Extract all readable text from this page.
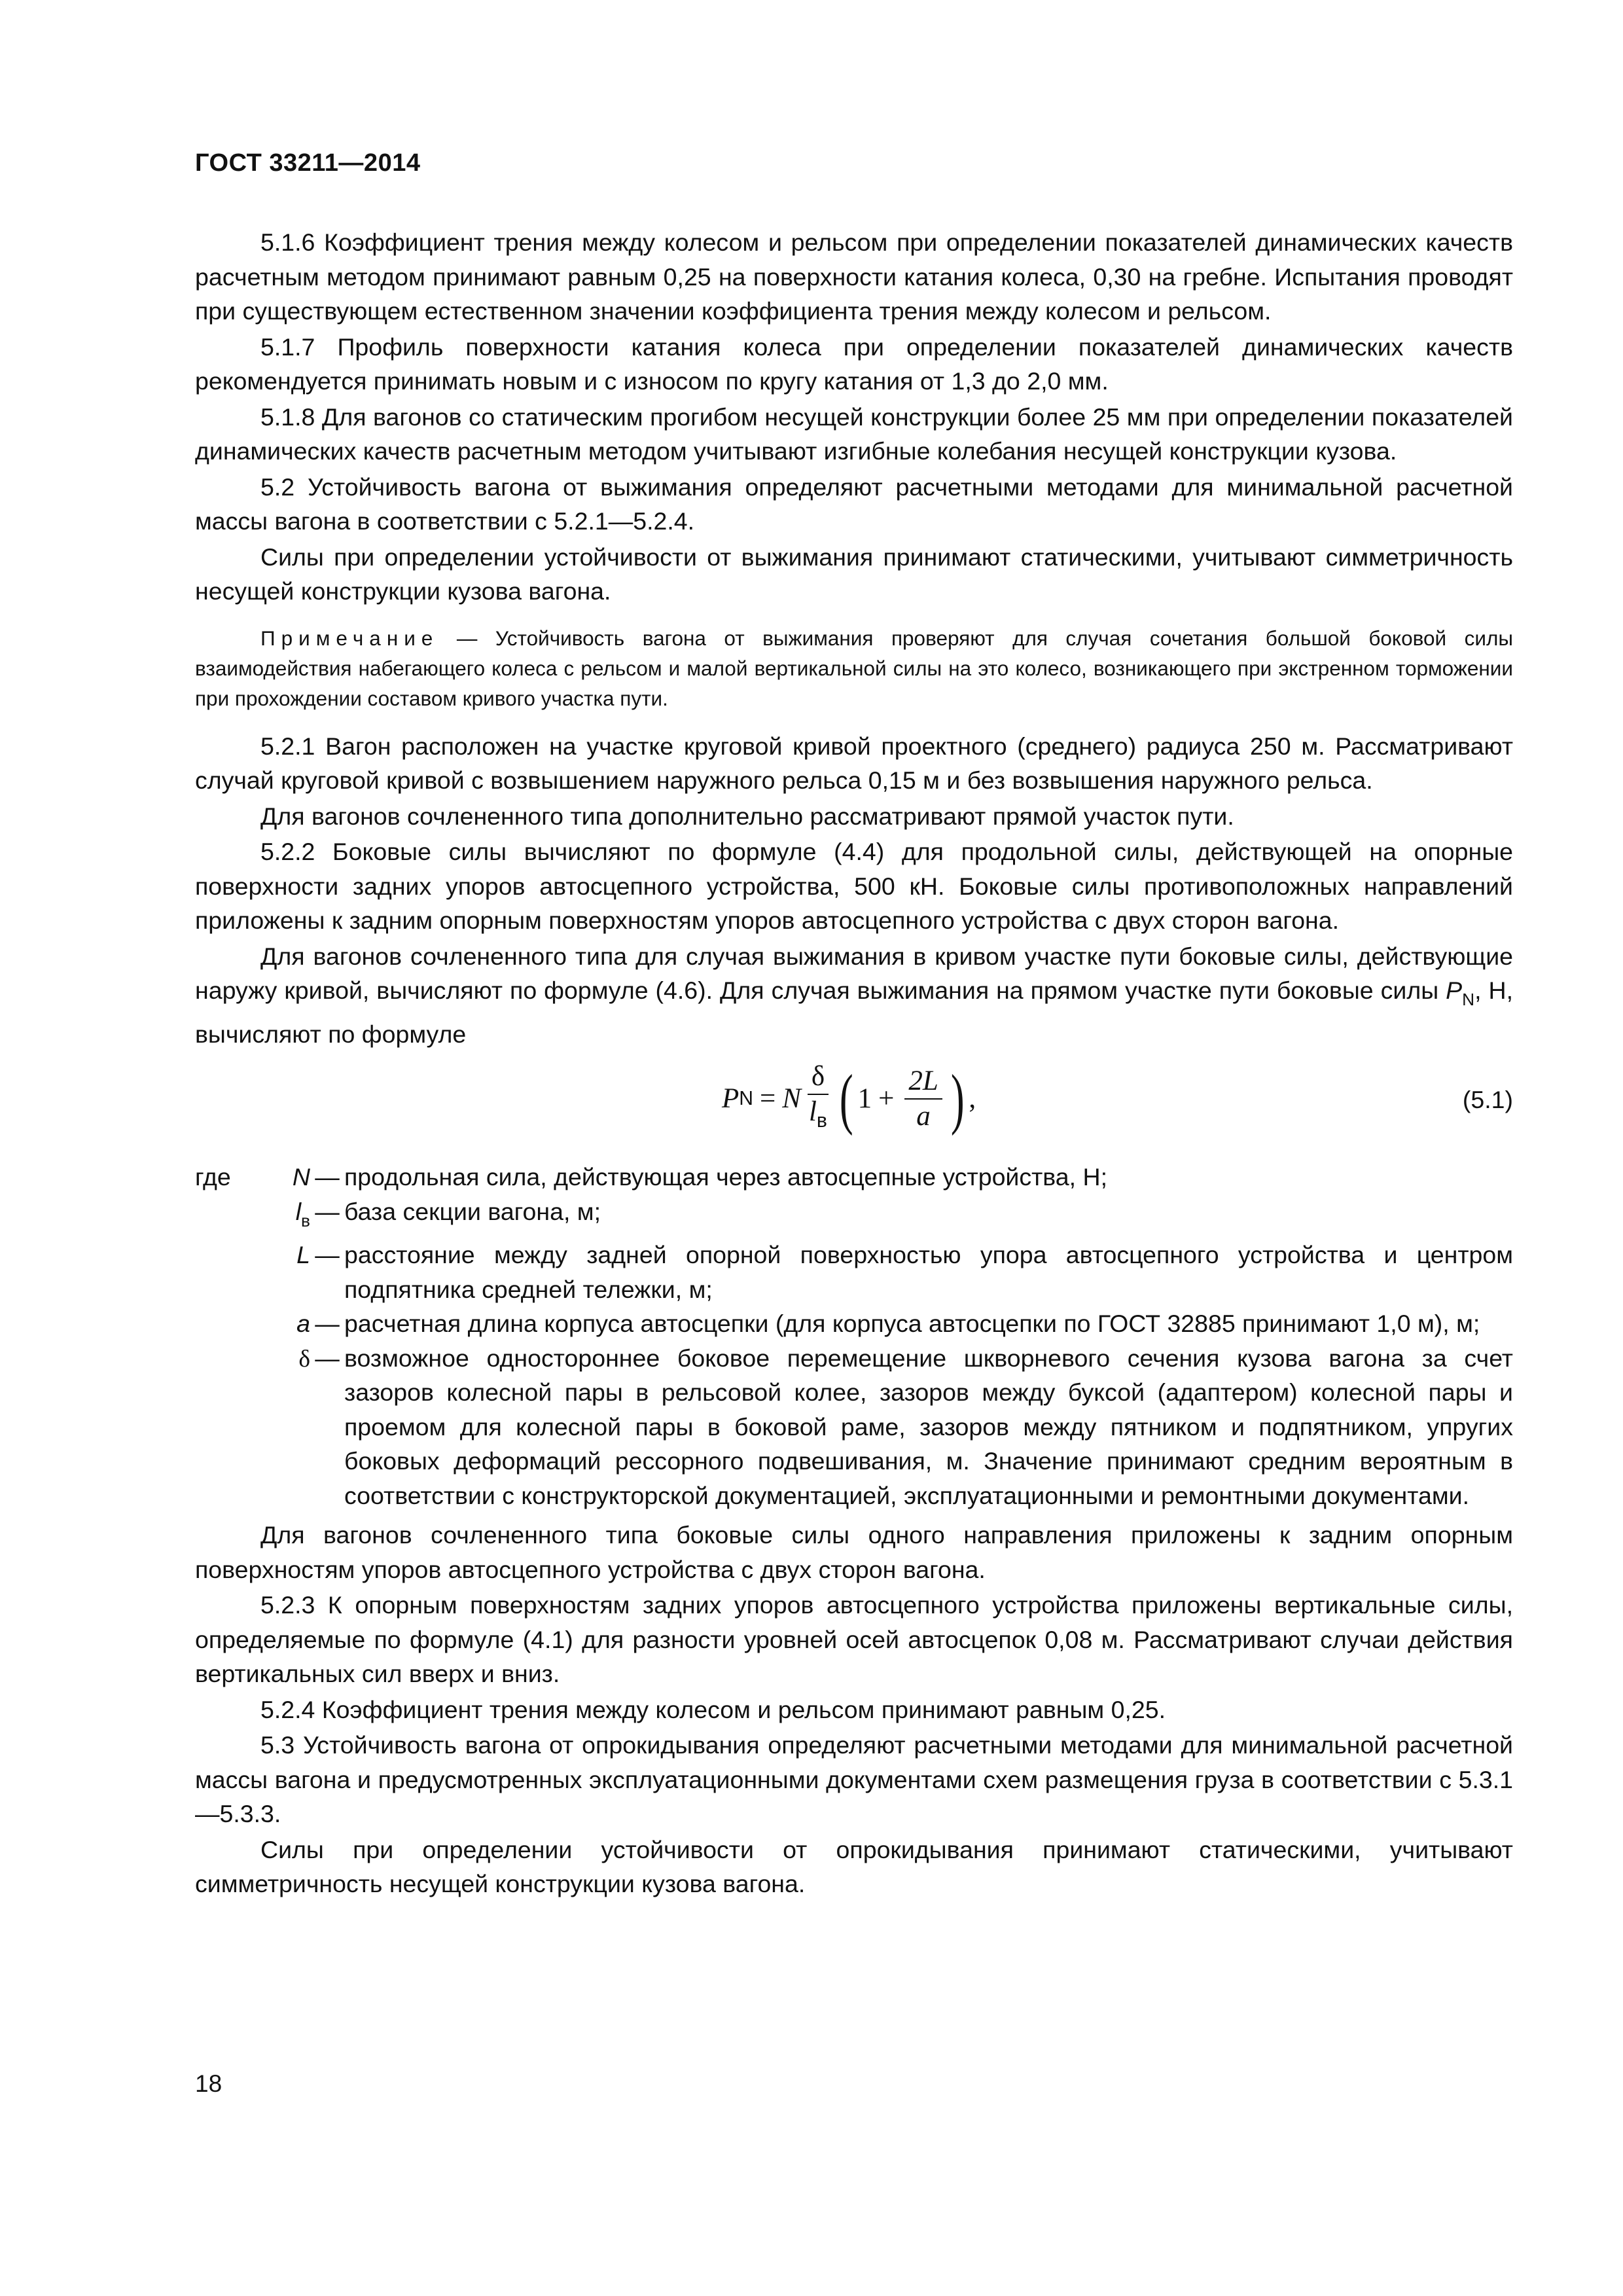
ГОСТ 33211—2014

5.1.6 Коэффициент трения между колесом и рельсом при определении показателей динамических качеств расчетным методом принимают равным 0,25 на поверхности катания колеса, 0,30 на гребне. Испытания проводят при существующем естественном значении коэффициента трения между колесом и рельсом.

5.1.7 Профиль поверхности катания колеса при определении показателей динамических качеств рекомендуется принимать новым и с износом по кругу катания от 1,3 до 2,0 мм.

5.1.8 Для вагонов со статическим прогибом несущей конструкции более 25 мм при определении показателей динамических качеств расчетным методом учитывают изгибные колебания несущей конструкции кузова.

5.2 Устойчивость вагона от выжимания определяют расчетными методами для минимальной расчетной массы вагона в соответствии с 5.2.1—5.2.4.

Силы при определении устойчивости от выжимания принимают статическими, учитывают симметричность несущей конструкции кузова вагона.

Примечание — Устойчивость вагона от выжимания проверяют для случая сочетания большой боковой силы взаимодействия набегающего колеса с рельсом и малой вертикальной силы на это колесо, возникающего при экстренном торможении при прохождении составом кривого участка пути.

5.2.1 Вагон расположен на участке круговой кривой проектного (среднего) радиуса 250 м. Рассматривают случай круговой кривой с возвышением наружного рельса 0,15 м и без возвышения наружного рельса.

Для вагонов сочлененного типа дополнительно рассматривают прямой участок пути.

5.2.2 Боковые силы вычисляют по формуле (4.4) для продольной силы, действующей на опорные поверхности задних упоров автосцепного устройства, 500 кН. Боковые силы противоположных направлений приложены к задним опорным поверхностям упоров автосцепного устройства с двух сторон вагона.

Для вагонов сочлененного типа для случая выжимания в кривом участке пути боковые силы, действующие наружу кривой, вычисляют по формуле (4.6). Для случая выжимания на прямом участке пути боковые силы $P_N$, Н, вычисляют по формуле

P N = N $\frac{\delta}{l_в}$ ( $1 + \frac{2L}{a}$ ) ,	(5.1)
где	N — продольная сила, действующая через автосцепные устройства, Н;
$l_в$ — база секции вагона, м;
L — расстояние между задней опорной поверхностью упора автосцепного устройства и центром подпятника средней тележки, м;
a — расчетная длина корпуса автосцепки (для корпуса автосцепки по ГОСТ 32885 принимают 1,0 м), м;
δ — возможное одностороннее боковое перемещение шкворневого сечения кузова вагона за счет зазоров колесной пары в рельсовой колее, зазоров между буксой (адаптером) колесной пары и проемом для колесной пары в боковой раме, зазоров между пятником и подпятником, упругих боковых деформаций рессорного подвешивания, м. Значение принимают средним вероятным в соответствии с конструкторской документацией, эксплуатационными и ремонтными документами.

Для вагонов сочлененного типа боковые силы одного направления приложены к задним опорным поверхностям упоров автосцепного устройства с двух сторон вагона.

5.2.3 К опорным поверхностям задних упоров автосцепного устройства приложены вертикальные силы, определяемые по формуле (4.1) для разности уровней осей автосцепок 0,08 м. Рассматривают случаи действия вертикальных сил вверх и вниз.

5.2.4 Коэффициент трения между колесом и рельсом принимают равным 0,25.

5.3 Устойчивость вагона от опрокидывания определяют расчетными методами для минимальной расчетной массы вагона и предусмотренных эксплуатационными документами схем размещения груза в соответствии с 5.3.1—5.3.3.

Силы при определении устойчивости от опрокидывания принимают статическими, учитывают симметричность несущей конструкции кузова вагона.

18
